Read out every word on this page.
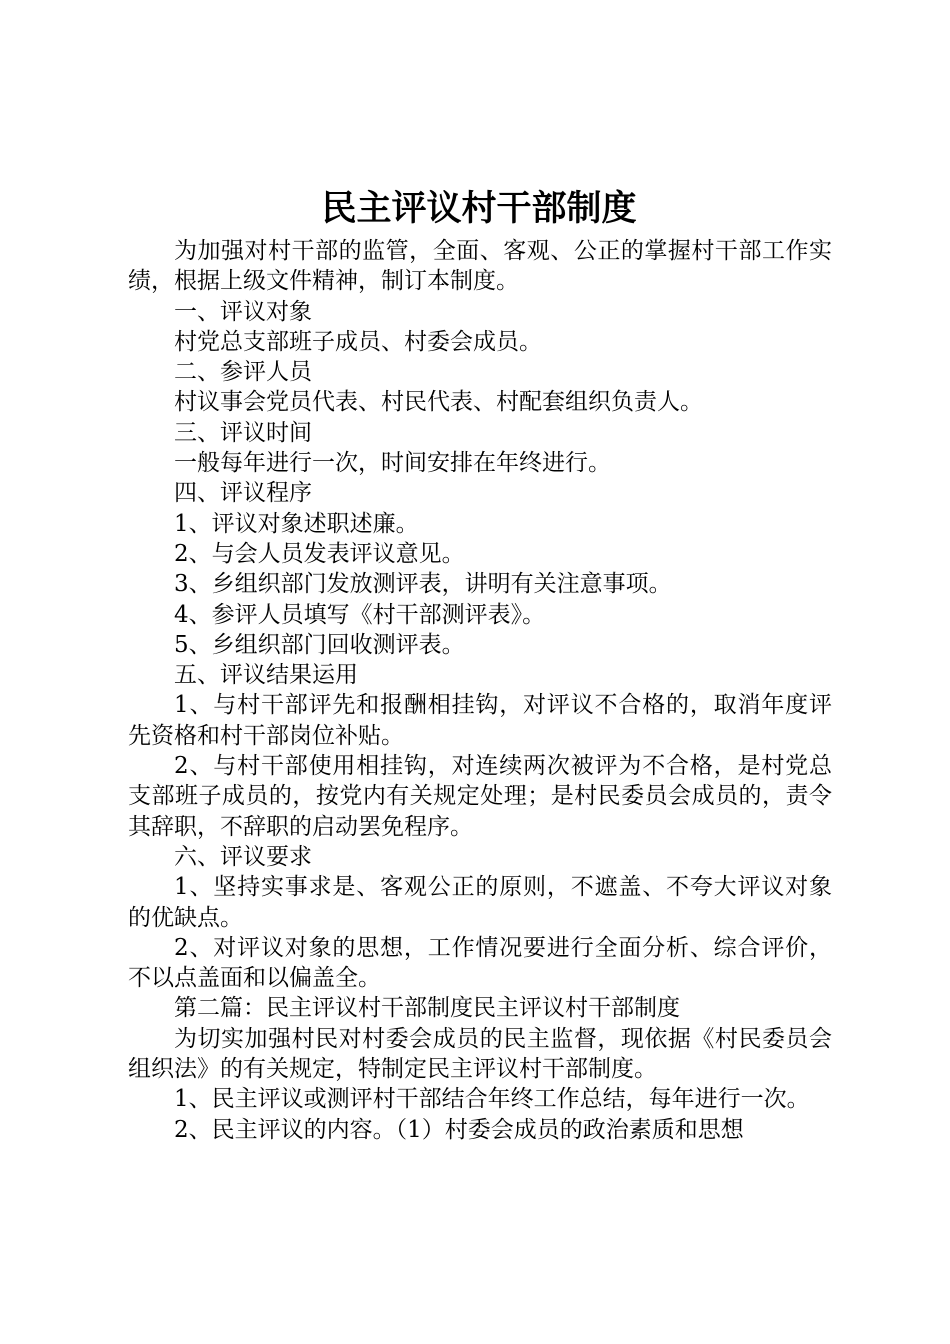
民主评议村干部制度

为加强对村干部的监管，全面、客观、公正的掌握村干部工作实绩，根据上级文件精神，制订本制度。

一、评议对象

村党总支部班子成员、村委会成员。

二、参评人员

村议事会党员代表、村民代表、村配套组织负责人。

三、评议时间

一般每年进行一次，时间安排在年终进行。

四、评议程序

1、评议对象述职述廉。

2、与会人员发表评议意见。

3、乡组织部门发放测评表，讲明有关注意事项。

4、参评人员填写《村干部测评表》。

5、乡组织部门回收测评表。

五、评议结果运用

1、与村干部评先和报酬相挂钩，对评议不合格的，取消年度评先资格和村干部岗位补贴。

2、与村干部使用相挂钩，对连续两次被评为不合格，是村党总支部班子成员的，按党内有关规定处理；是村民委员会成员的，责令其辞职，不辞职的启动罢免程序。

六、评议要求

1、坚持实事求是、客观公正的原则，不遮盖、不夸大评议对象的优缺点。

2、对评议对象的思想，工作情况要进行全面分析、综合评价，不以点盖面和以偏盖全。

第二篇：民主评议村干部制度民主评议村干部制度

为切实加强村民对村委会成员的民主监督，现依据《村民委员会组织法》的有关规定，特制定民主评议村干部制度。

1、民主评议或测评村干部结合年终工作总结，每年进行一次。

2、民主评议的内容。（1）村委会成员的政治素质和思想
